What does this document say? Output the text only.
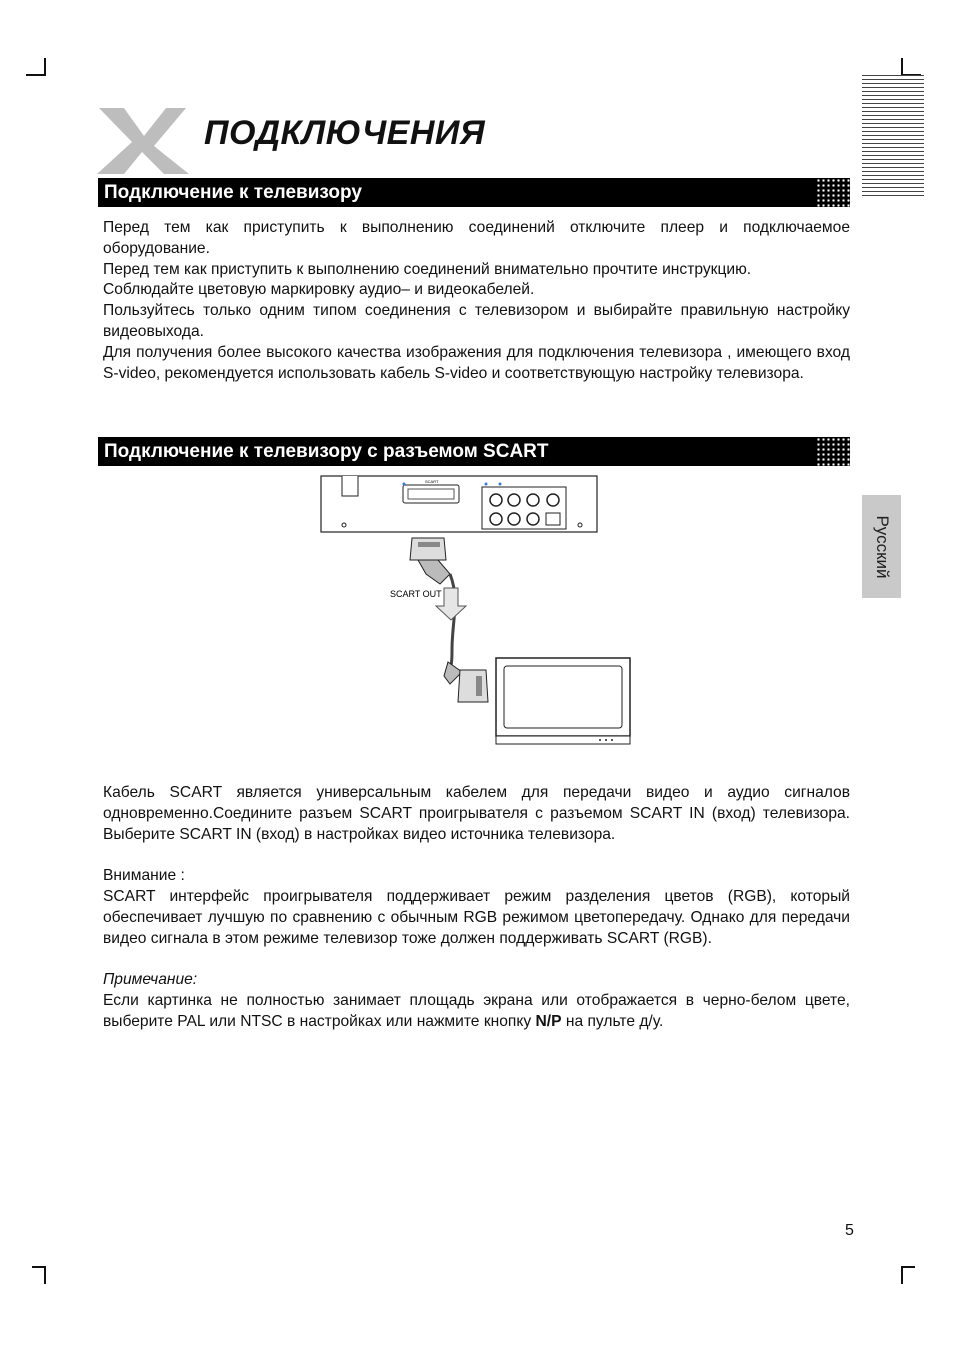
ПОДКЛЮЧЕНИЯ
Подключение к телевизору

Перед тем как приступить к выполнению соединений отключите плеер и подключаемое оборудование.

Перед тем как приступить к выполнению соединений внимательно прочтите инструкцию.

Соблюдайте цветовую маркировку аудио– и видеокабелей.

Пользуйтесь только одним типом соединения с телевизором и выбирайте правильную настройку видеовыхода.

Для получения более высокого качества изображения для подключения телевизора , имеющего вход S-video, рекомендуется использовать кабель S-video и соответствующую настройку телевизора.

Подключение к телевизору с разъемом SCART
SCART
SCART OUT

Кабель SCART является универсальным кабелем для передачи видео и аудио сигналов одновременно.Соедините разъем SCART проигрывателя с разъемом SCART IN (вход) телевизора. Выберите SCART IN (вход) в настройках видео источника телевизора.

Внимание :

SCART интерфейс проигрывателя поддерживает режим разделения цветов (RGB), который обеспечивает лучшую по сравнению с обычным RGB режимом цветопередачу. Однако для передачи видео сигнала в этом режиме телевизор тоже должен поддерживать SCART (RGB).

Примечание:

Если картинка не полностью занимает площадь экрана или отображается в черно-белом цвете, выберите PAL или NTSC в настройках или нажмите кнопку N/P на пульте д/у.

Русский
5
